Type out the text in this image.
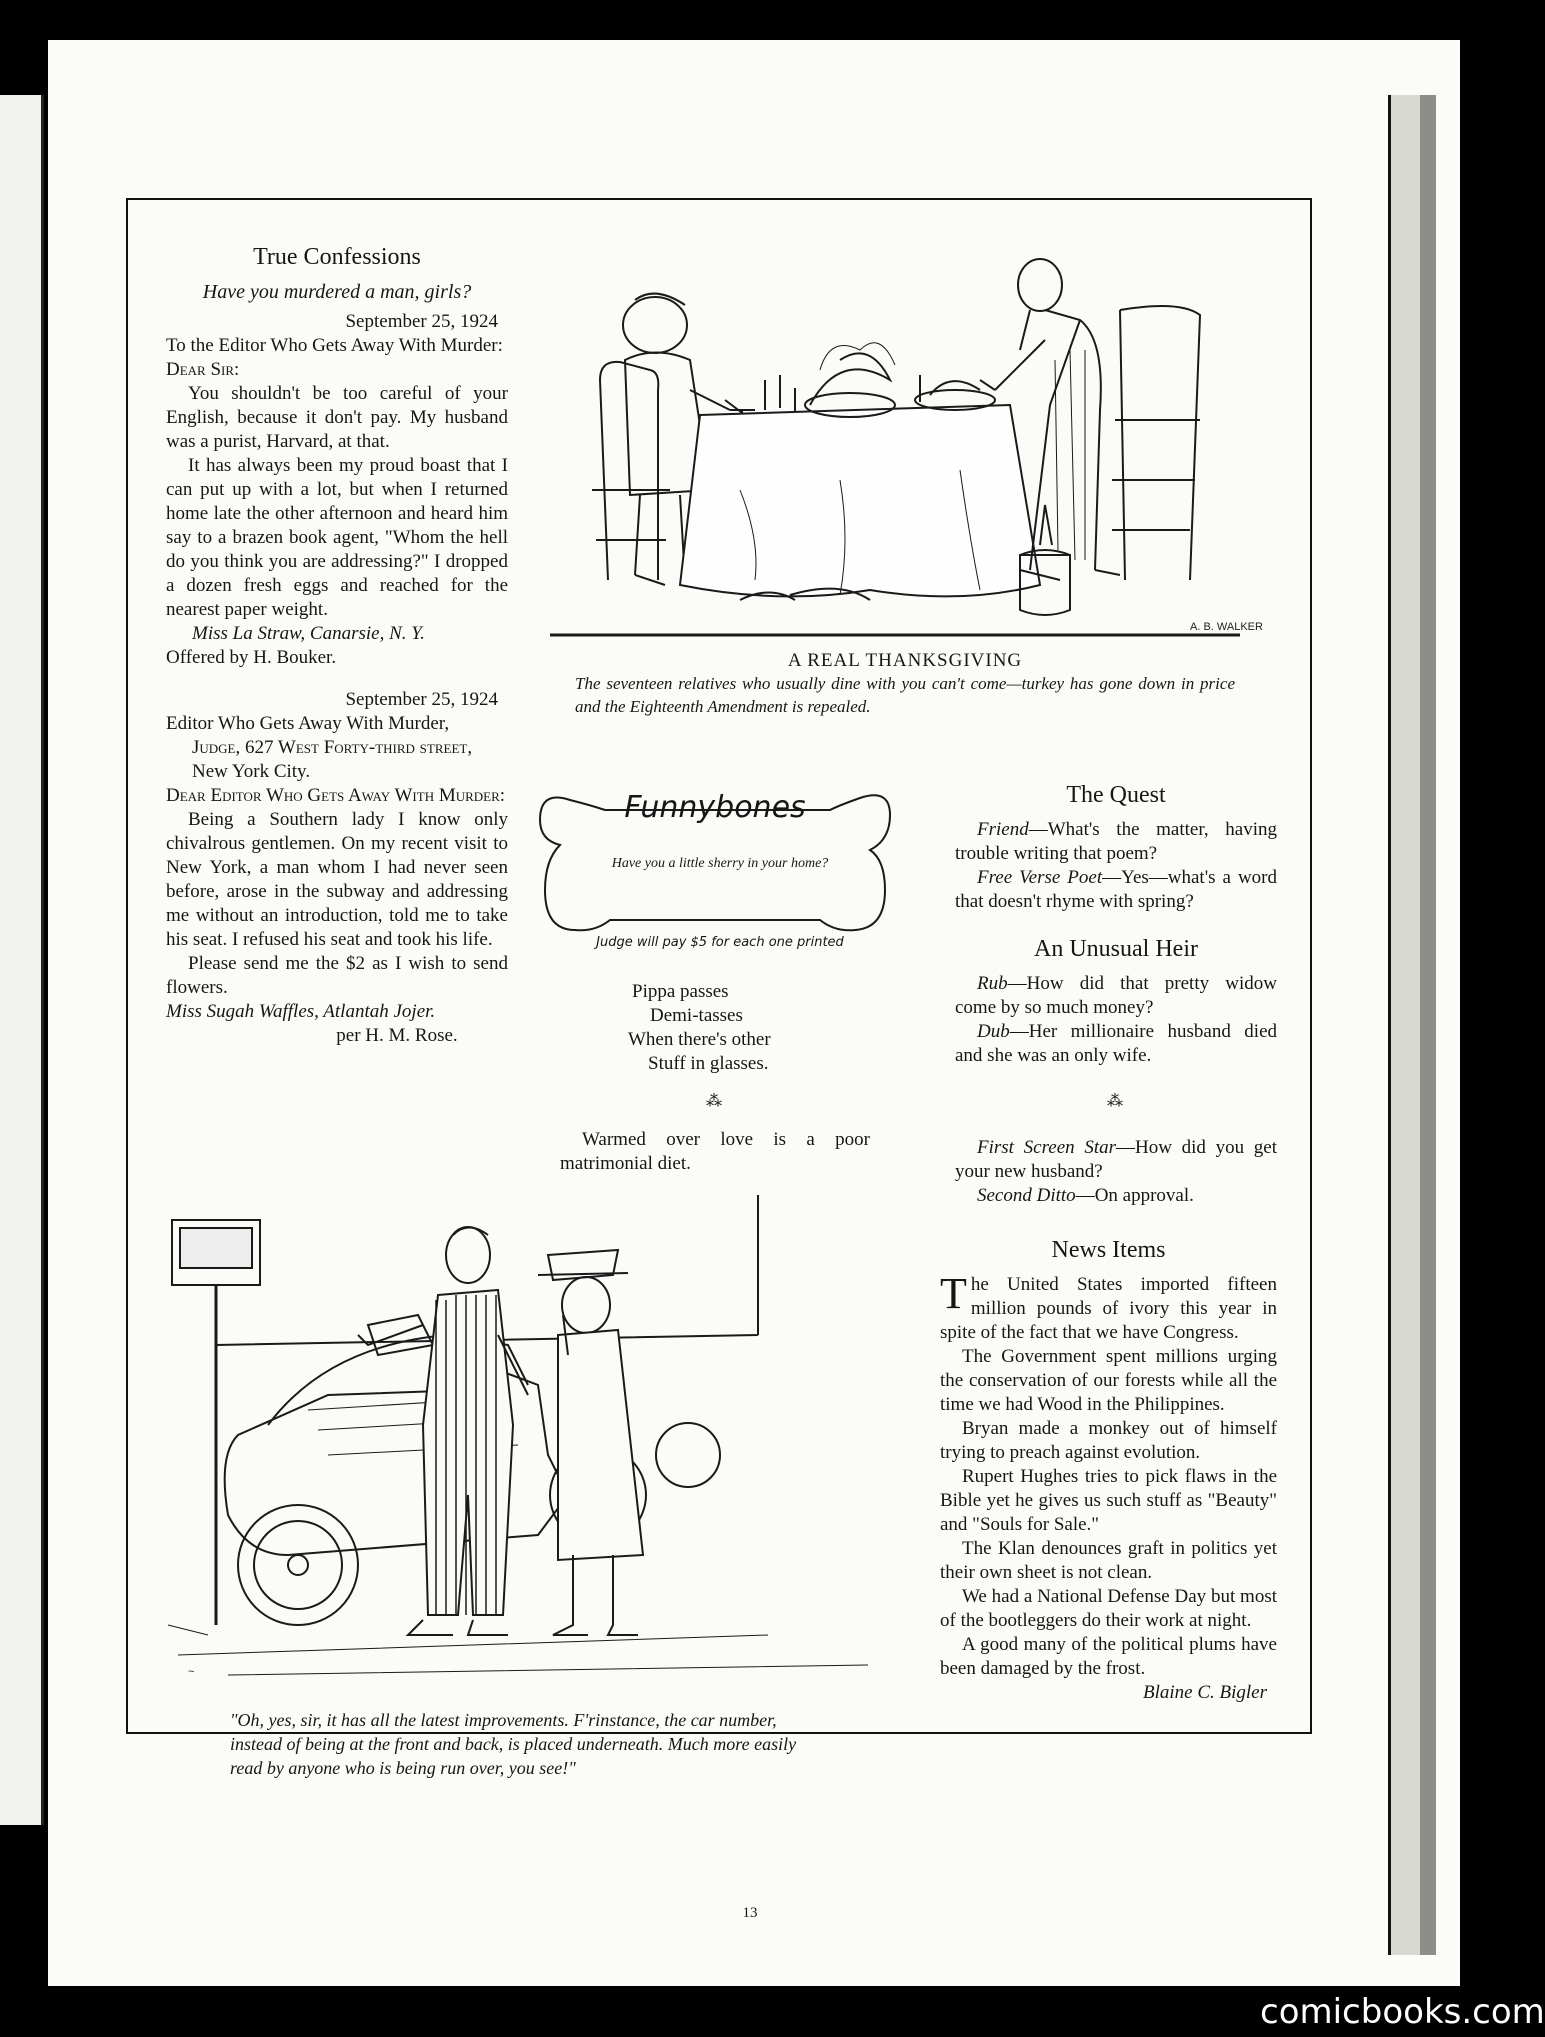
True Confessions
Have you murdered a man, girls?
September 25, 1924

To the Editor Who Gets Away With Murder:

Dear Sir:

You shouldn't be too careful of your English, because it don't pay. My husband was a purist, Harvard, at that.

It has always been my proud boast that I can put up with a lot, but when I returned home late the other afternoon and heard him say to a brazen book agent, "Whom the hell do you think you are addressing?" I dropped a dozen fresh eggs and reached for the nearest paper weight.

Miss La Straw, Canarsie, N. Y.

Offered by H. Bouker.

September 25, 1924

Editor Who Gets Away With Murder,

Judge, 627 West Forty-third street,
New York City.

Dear Editor Who Gets Away With Murder:

Being a Southern lady I know only chivalrous gentlemen. On my recent visit to New York, a man whom I had never seen before, arose in the subway and addressing me without an introduction, told me to take his seat. I refused his seat and took his life.

Please send me the $2 as I wish to send flowers.

Miss Sugah Waffles, Atlantah Jojer.
per H. M. Rose.
A. B. WALKER
A REAL THANKSGIVING
The seventeen relatives who usually dine with you can't come—turkey has gone down in price and the Eighteenth Amendment is repealed.
Funnybones
Have you a little sherry in your home?
Judge will pay $5 for each one printed
Pippa passes
Demi-tasses
When there's other
Stuff in glasses.
⁂

Warmed over love is a poor matrimonial diet.

The Quest

Friend—What's the matter, having trouble writing that poem?

Free Verse Poet—Yes—what's a word that doesn't rhyme with spring?

An Unusual Heir

Rub—How did that pretty widow come by so much money?

Dub—Her millionaire husband died and she was an only wife.

⁂

First Screen Star—How did you get your new husband?

Second Ditto—On approval.

News Items

The United States imported fifteen million pounds of ivory this year in spite of the fact that we have Congress.

The Government spent millions urging the conservation of our forests while all the time we had Wood in the Philippines.

Bryan made a monkey out of himself trying to preach against evolution.

Rupert Hughes tries to pick flaws in the Bible yet he gives us such stuff as "Beauty" and "Souls for Sale."

The Klan denounces graft in politics yet their own sheet is not clean.

We had a National Defense Day but most of the bootleggers do their work at night.

A good many of the political plums have been damaged by the frost.

Blaine C. Bigler
~
"Oh, yes, sir, it has all the latest improvements. F'rinstance, the car number, instead of being at the front and back, is placed underneath. Much more easily read by anyone who is being run over, you see!"
13
comicbooks.com
